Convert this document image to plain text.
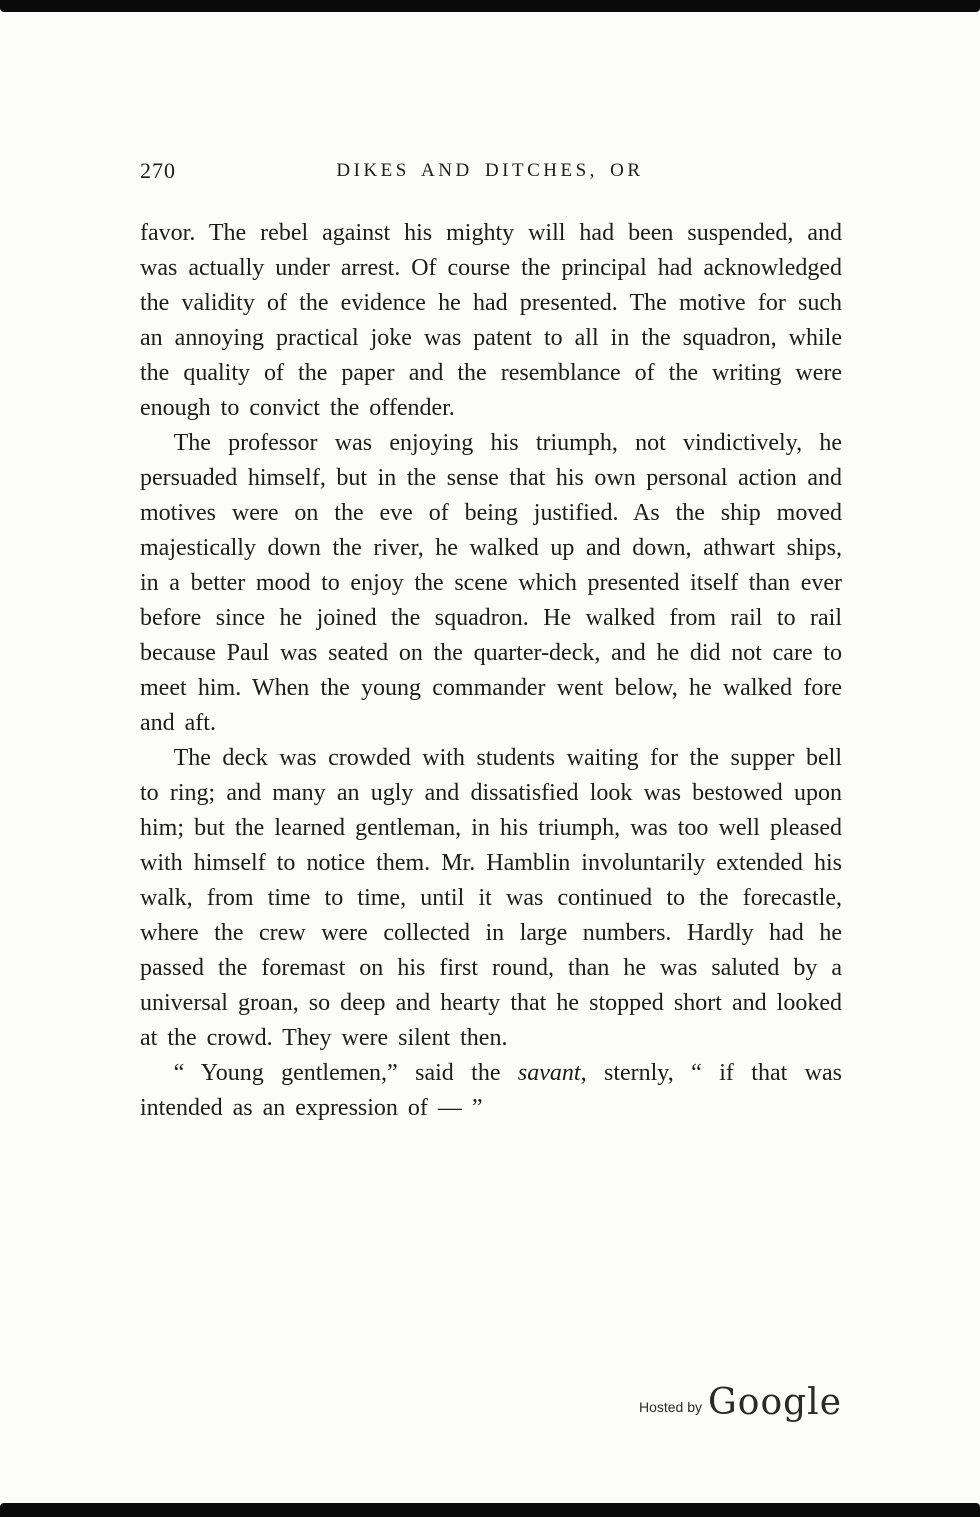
270	DIKES AND DITCHES, OR

favor. The rebel against his mighty will had been suspended, and was actually under arrest. Of course the principal had acknowledged the validity of the evidence he had presented. The motive for such an annoying practical joke was patent to all in the squadron, while the quality of the paper and the resemblance of the writing were enough to convict the offender.

The professor was enjoying his triumph, not vindictively, he persuaded himself, but in the sense that his own personal action and motives were on the eve of being justified. As the ship moved majestically down the river, he walked up and down, athwart ships, in a better mood to enjoy the scene which presented itself than ever before since he joined the squadron. He walked from rail to rail because Paul was seated on the quarter-deck, and he did not care to meet him. When the young commander went below, he walked fore and aft.

The deck was crowded with students waiting for the supper bell to ring; and many an ugly and dissatisfied look was bestowed upon him; but the learned gentleman, in his triumph, was too well pleased with himself to notice them. Mr. Hamblin involuntarily extended his walk, from time to time, until it was continued to the forecastle, where the crew were collected in large numbers. Hardly had he passed the foremast on his first round, than he was saluted by a universal groan, so deep and hearty that he stopped short and looked at the crowd. They were silent then.

“ Young gentlemen,” said the savant, sternly, “ if that was intended as an expression of — ”

Hosted by Google
